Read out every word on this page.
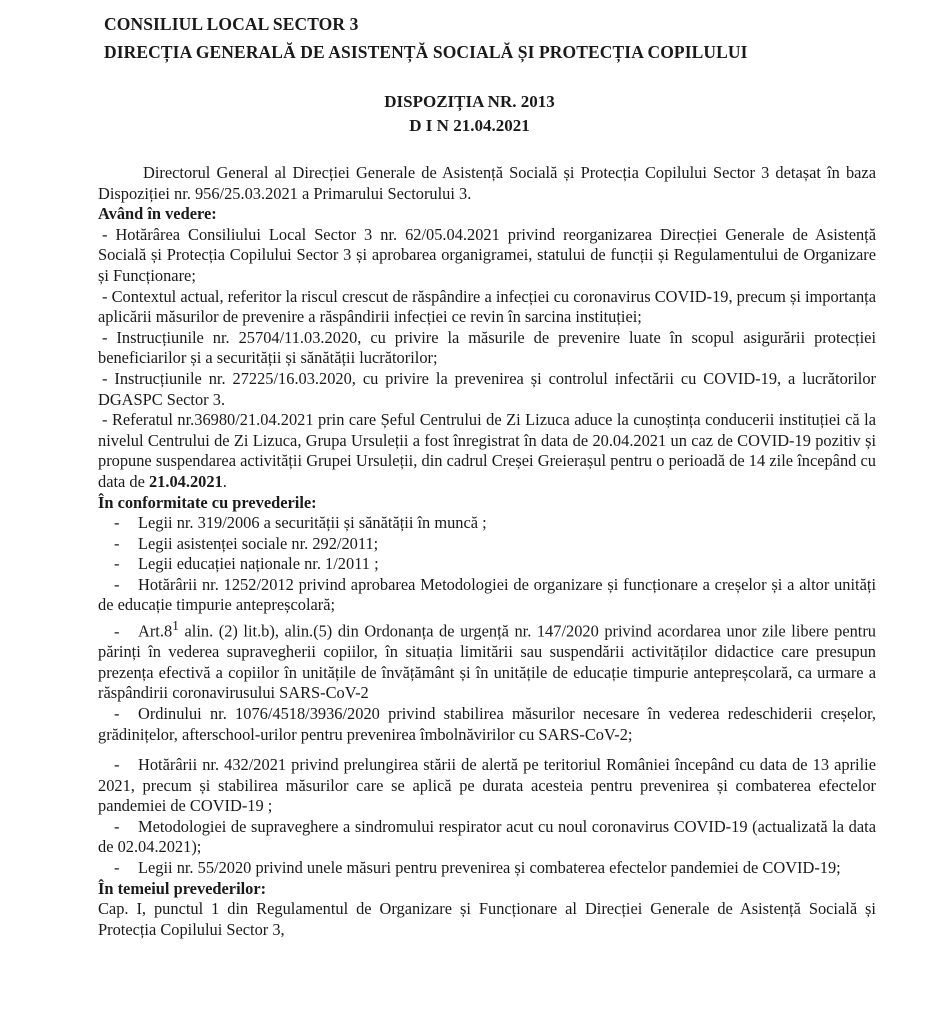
CONSILIUL LOCAL SECTOR 3
DIRECȚIA GENERALĂ DE ASISTENȚĂ SOCIALĂ ȘI PROTECȚIA COPILULUI
DISPOZIȚIA NR. 2013
D I N 21.04.2021

Directorul General al Direcției Generale de Asistență Socială și Protecția Copilului Sector 3 detașat în baza Dispoziției nr. 956/25.03.2021 a Primarului Sectorului 3.

Având în vedere:

- Hotărârea Consiliului Local Sector 3 nr. 62/05.04.2021 privind reorganizarea Direcției Generale de Asistență Socială și Protecția Copilului Sector 3 și aprobarea organigramei, statului de funcții și Regulamentului de Organizare și Funcționare;

- Contextul actual, referitor la riscul crescut de răspândire a infecției cu coronavirus COVID-19, precum și importanța aplicării măsurilor de prevenire a răspândirii infecției ce revin în sarcina instituției;

- Instrucțiunile nr. 25704/11.03.2020, cu privire la măsurile de prevenire luate în scopul asigurării protecției beneficiarilor și a securității și sănătății lucrătorilor;

- Instrucțiunile nr. 27225/16.03.2020, cu privire la prevenirea și controlul infectării cu COVID-19, a lucrătorilor DGASPC Sector 3.

- Referatul nr.36980/21.04.2021 prin care Șeful Centrului de Zi Lizuca aduce la cunoștința conducerii instituției că la nivelul Centrului de Zi Lizuca, Grupa Ursuleții a fost înregistrat în data de 20.04.2021 un caz de COVID-19 pozitiv și propune suspendarea activității Grupei Ursuleții, din cadrul Creșei Greierașul pentru o perioadă de 14 zile începând cu data de 21.04.2021.

În conformitate cu prevederile:

- Legii nr. 319/2006 a securității și sănătății în muncă ;

- Legii asistenței sociale nr. 292/2011;

- Legii educației naționale nr. 1/2011 ;

- Hotărârii nr. 1252/2012 privind aprobarea Metodologiei de organizare și funcționare a creșelor și a altor unități de educație timpurie antepreșcolară;

- $Art.8^1$ alin. (2) lit.b), alin.(5) din Ordonanța de urgență nr. 147/2020 privind acordarea unor zile libere pentru părinți în vederea supravegherii copiilor, în situația limitării sau suspendării activităților didactice care presupun prezența efectivă a copiilor în unitățile de învățământ și în unitățile de educație timpurie antepreșcolară, ca urmare a răspândirii coronavirusului SARS-CoV-2

- Ordinului nr. 1076/4518/3936/2020 privind stabilirea măsurilor necesare în vederea redeschiderii creșelor, grădinițelor, afterschool-urilor pentru prevenirea îmbolnăvirilor cu SARS-CoV-2;

- Hotărârii nr. 432/2021 privind prelungirea stării de alertă pe teritoriul României începând cu data de 13 aprilie 2021, precum și stabilirea măsurilor care se aplică pe durata acesteia pentru prevenirea și combaterea efectelor pandemiei de COVID-19 ;

- Metodologiei de supraveghere a sindromului respirator acut cu noul coronavirus COVID-19 (actualizată la data de 02.04.2021);

- Legii nr. 55/2020 privind unele măsuri pentru prevenirea și combaterea efectelor pandemiei de COVID-19;

În temeiul prevederilor:

Cap. I, punctul 1 din Regulamentul de Organizare și Funcționare al Direcției Generale de Asistență Socială și Protecția Copilului Sector 3,
